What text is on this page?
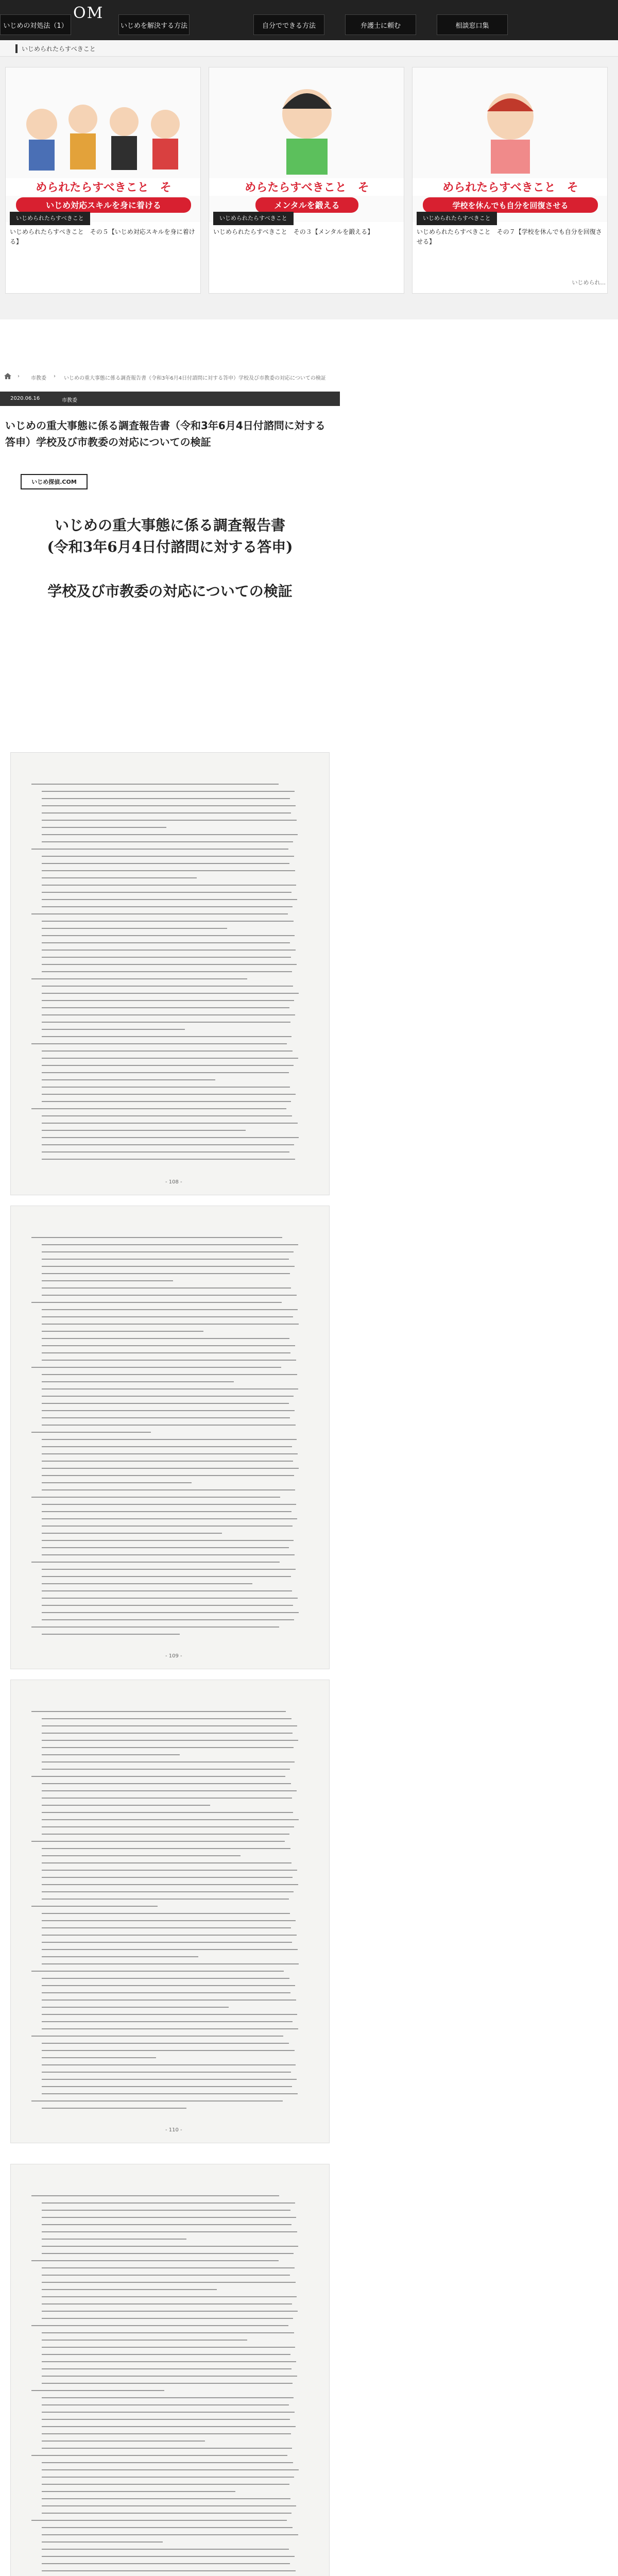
いじめの対処法（1）	いじめを解決する方法	自分でできる方法	弁護士に頼む	相談窓口集
OM
いじめられたらすべきこと
められたらすべきこと　そ
いじめ対応スキルを身に着ける
いじめられたらすべきこと
いじめられたらすべきこと　その５【いじめ対応スキルを身に着ける】
めらたらすべきこと　そ
メンタルを鍛える
いじめられたらすべきこと
いじめられたらすべきこと　その３【メンタルを鍛える】
められたらすべきこと　そ
学校を休んでも自分を回復させる
いじめられたらすべきこと
いじめられたらすべきこと　その７【学校を休んでも自分を回復させる】
いじめられ...
› 市教委 › いじめの重大事態に係る調査報告書（令和3年6月4日付諮問に対する答申）学校及び市教委の対応についての検証
2020.06.16	市教委
いじめの重大事態に係る調査報告書（令和3年6月4日付諮問に対する答申）学校及び市教委の対応についての検証
いじめ探偵.COM
いじめの重大事態に係る調査報告書
(令和3年6月4日付諮問に対する答申)
学校及び市教委の対応についての検証
- 108 -
- 109 -
- 110 -
